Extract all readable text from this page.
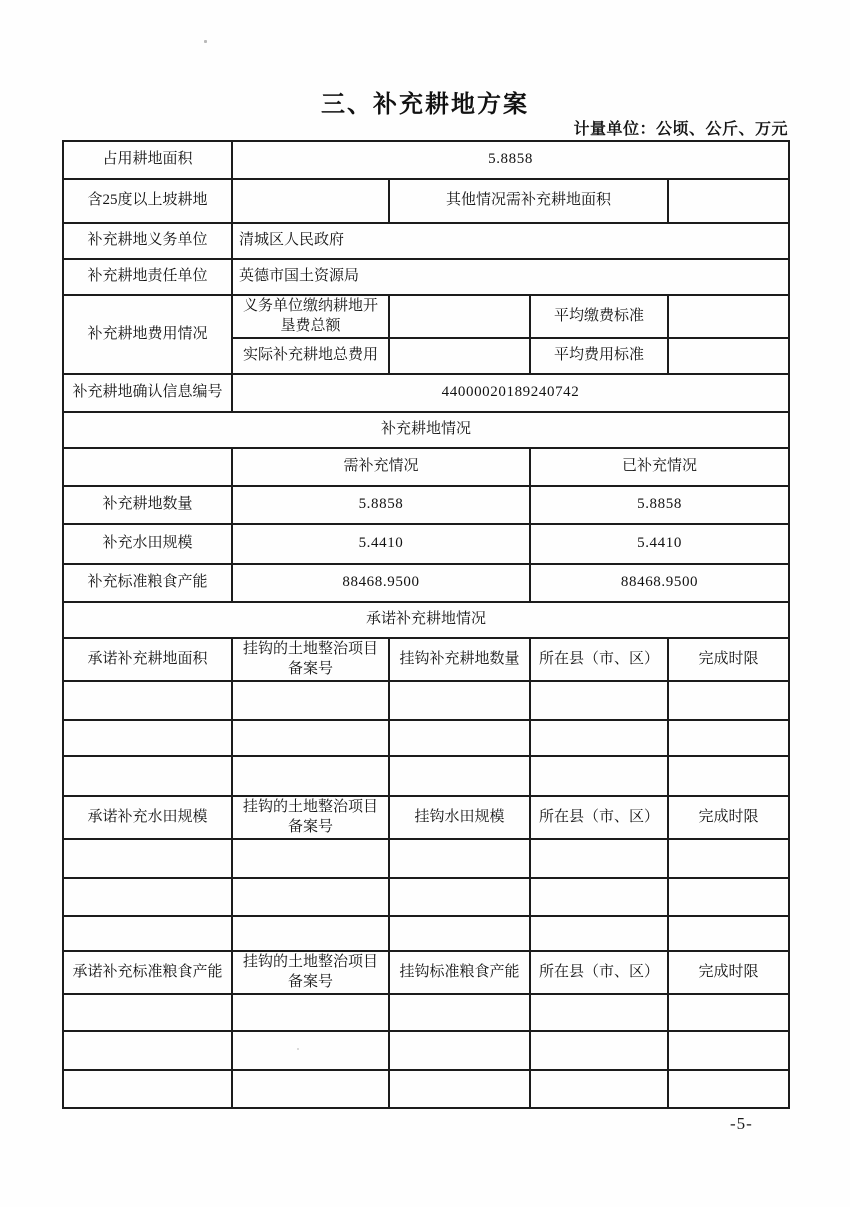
三、补充耕地方案
计量单位：公顷、公斤、万元
占用耕地面积	5.8858			
含25度以上坡耕地		其他情况需补充耕地面积		
补充耕地义务单位	清城区人民政府			
补充耕地责任单位	英德市国土资源局			
补充耕地费用情况	义务单位缴纳耕地开垦费总额		平均缴费标准	
	实际补充耕地总费用		平均费用标准	
补充耕地确认信息编号	44000020189240742			
补充耕地情况				
	需补充情况		已补充情况	
补充耕地数量	5.8858		5.8858	
补充水田规模	5.4410		5.4410	
补充标准粮食产能	88468.9500		88468.9500	
承诺补充耕地情况				
承诺补充耕地面积	挂钩的土地整治项目备案号	挂钩补充耕地数量	所在县（市、区）	完成时限

承诺补充水田规模	挂钩的土地整治项目备案号	挂钩水田规模	所在县（市、区）	完成时限

承诺补充标准粮食产能	挂钩的土地整治项目备案号	挂钩标准粮食产能	所在县（市、区）	完成时限

-5-
